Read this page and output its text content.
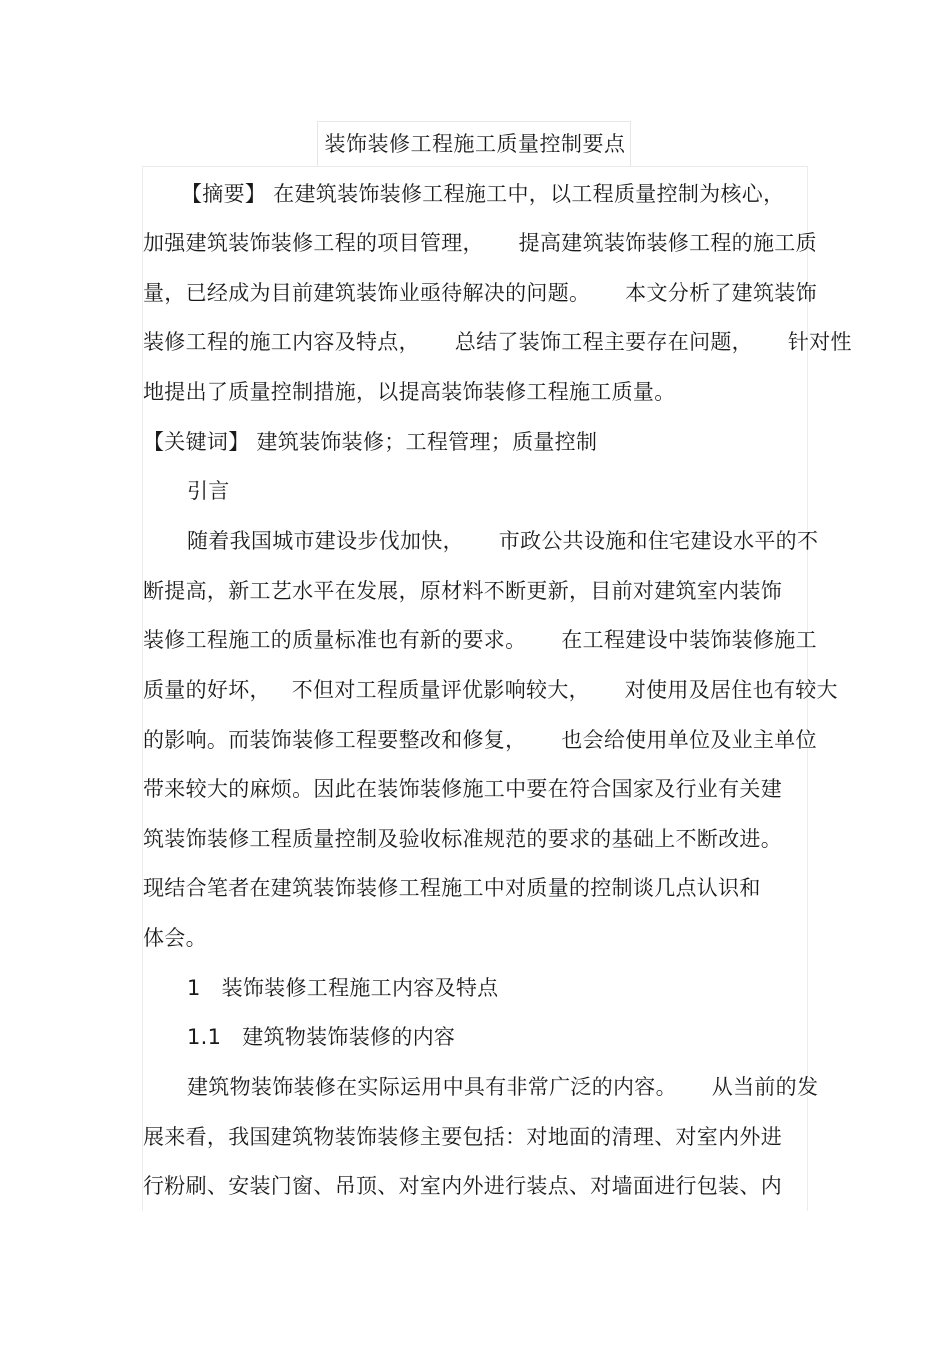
装饰装修工程施工质量控制要点
【摘要】 在建筑装饰装修工程施工中，以工程质量控制为核心，
加强建筑装饰装修工程的项目管理，     提高建筑装饰装修工程的施工质
量，已经成为目前建筑装饰业亟待解决的问题。     本文分析了建筑装饰
装修工程的施工内容及特点，     总结了装饰工程主要存在问题，     针对性
地提出了质量控制措施，以提高装饰装修工程施工质量。
【关键词】 建筑装饰装修；工程管理；质量控制
引言
随着我国城市建设步伐加快，     市政公共设施和住宅建设水平的不
断提高，新工艺水平在发展，原材料不断更新，目前对建筑室内装饰
装修工程施工的质量标准也有新的要求。     在工程建设中装饰装修施工
质量的好坏，   不但对工程质量评优影响较大，     对使用及居住也有较大
的影响。而装饰装修工程要整改和修复，     也会给使用单位及业主单位
带来较大的麻烦。因此在装饰装修施工中要在符合国家及行业有关建
筑装饰装修工程质量控制及验收标准规范的要求的基础上不断改进。
现结合笔者在建筑装饰装修工程施工中对质量的控制谈几点认识和
体会。
1   装饰装修工程施工内容及特点
1.1   建筑物装饰装修的内容
建筑物装饰装修在实际运用中具有非常广泛的内容。     从当前的发
展来看，我国建筑物装饰装修主要包括：对地面的清理、对室内外进
行粉刷、安装门窗、吊顶、对室内外进行装点、对墙面进行包装、内
